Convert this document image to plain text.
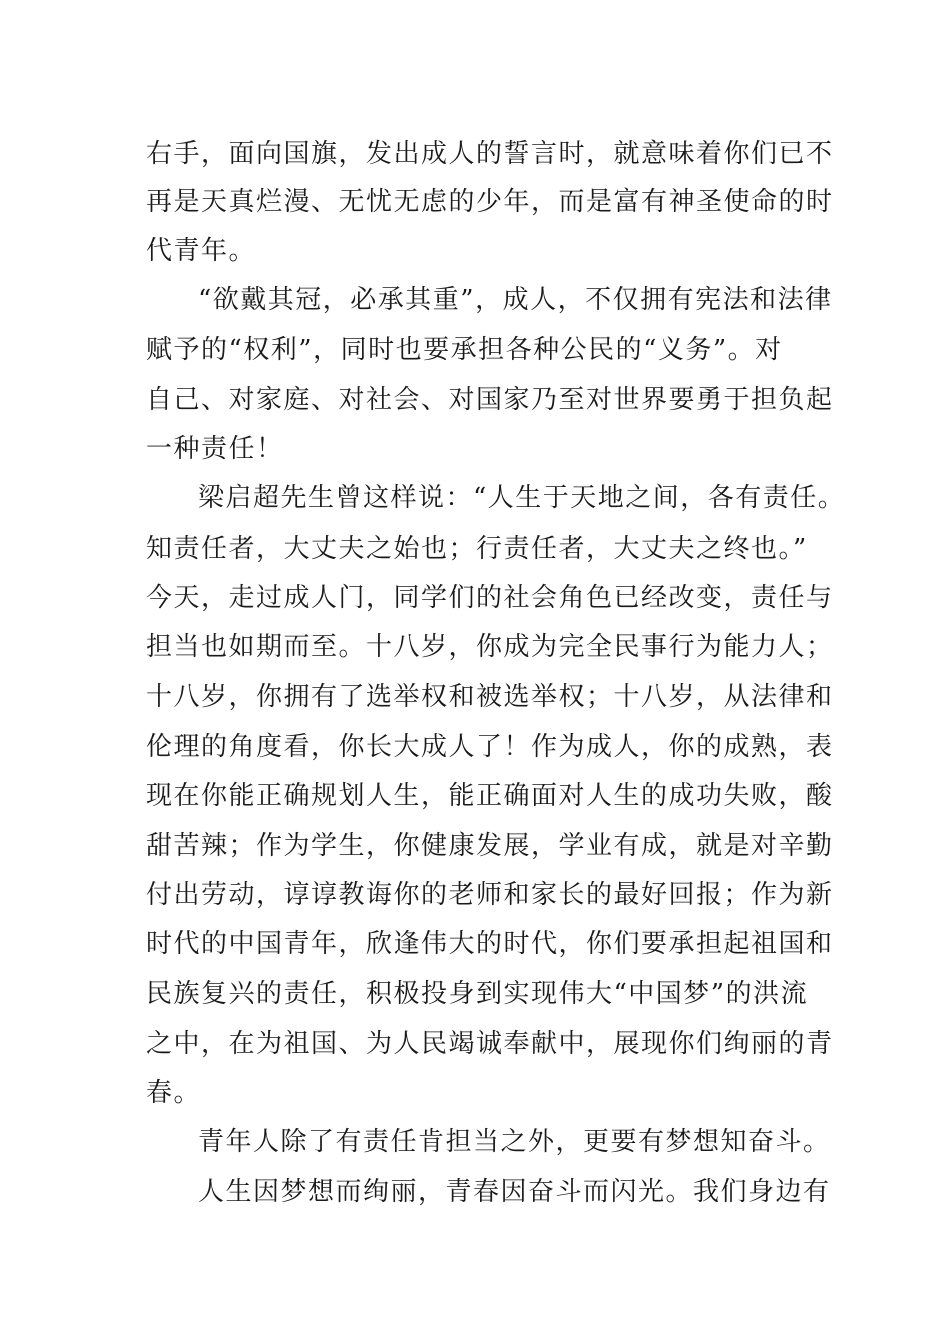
右手，面向国旗，发出成人的誓言时，就意味着你们已不
再是天真烂漫、无忧无虑的少年，而是富有神圣使命的时
代青年。
“欲戴其冠，必承其重”，成人，不仅拥有宪法和法律
赋予的“权利”，同时也要承担各种公民的“义务”。对
自己、对家庭、对社会、对国家乃至对世界要勇于担负起
一种责任！
梁启超先生曾这样说：“人生于天地之间，各有责任。
知责任者，大丈夫之始也；行责任者，大丈夫之终也。”
今天，走过成人门，同学们的社会角色已经改变，责任与
担当也如期而至。十八岁，你成为完全民事行为能力人；
十八岁，你拥有了选举权和被选举权；十八岁，从法律和
伦理的角度看，你长大成人了！作为成人，你的成熟，表
现在你能正确规划人生，能正确面对人生的成功失败，酸
甜苦辣；作为学生，你健康发展，学业有成，就是对辛勤
付出劳动，谆谆教诲你的老师和家长的最好回报；作为新
时代的中国青年，欣逢伟大的时代，你们要承担起祖国和
民族复兴的责任，积极投身到实现伟大“中国梦”的洪流
之中，在为祖国、为人民竭诚奉献中，展现你们绚丽的青
春。
青年人除了有责任肯担当之外，更要有梦想知奋斗。
人生因梦想而绚丽，青春因奋斗而闪光。我们身边有
